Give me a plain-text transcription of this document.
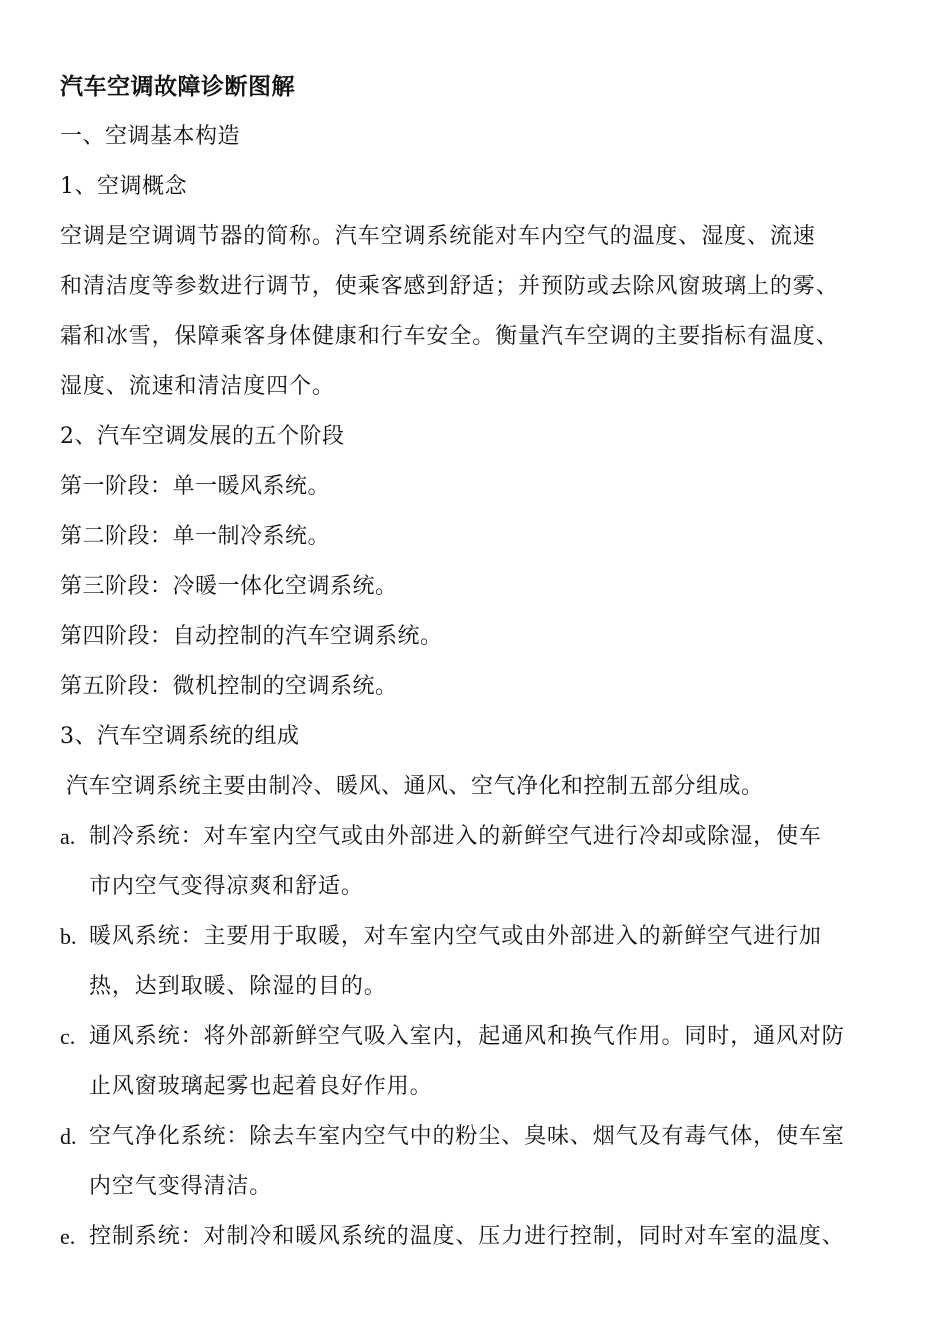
汽车空调故障诊断图解
一、空调基本构造
1、空调概念
空调是空调调节器的简称。汽车空调系统能对车内空气的温度、湿度、流速
和清洁度等参数进行调节，使乘客感到舒适；并预防或去除风窗玻璃上的雾、
霜和冰雪，保障乘客身体健康和行车安全。衡量汽车空调的主要指标有温度、
湿度、流速和清洁度四个。
2、汽车空调发展的五个阶段
第一阶段：单一暖风系统。
第二阶段：单一制冷系统。
第三阶段：冷暖一体化空调系统。
第四阶段：自动控制的汽车空调系统。
第五阶段：微机控制的空调系统。
3、汽车空调系统的组成
汽车空调系统主要由制冷、暖风、通风、空气净化和控制五部分组成。
a. 制冷系统：对车室内空气或由外部进入的新鲜空气进行冷却或除湿，使车
市内空气变得凉爽和舒适。
b. 暖风系统：主要用于取暖，对车室内空气或由外部进入的新鲜空气进行加
热，达到取暖、除湿的目的。
c. 通风系统：将外部新鲜空气吸入室内，起通风和换气作用。同时，通风对防
止风窗玻璃起雾也起着良好作用。
d. 空气净化系统：除去车室内空气中的粉尘、臭味、烟气及有毒气体，使车室
内空气变得清洁。
e. 控制系统：对制冷和暖风系统的温度、压力进行控制，同时对车室的温度、
